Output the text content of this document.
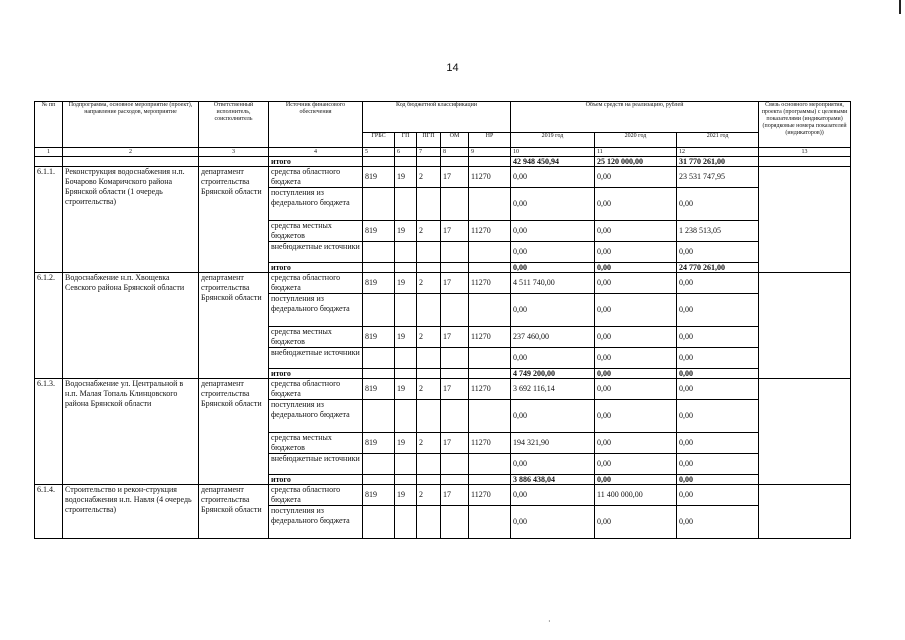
14
№ пп	Подпрограмма, основное мероприятие (проект), направление расходов, мероприятие	Ответственный исполнитель, соисполнитель	Источник финансового обеспечения	Код бюджетной классификации					Объем средств на реализацию, рублей			Связь основного мероприятия, проекта (программы) с целевыми показателями (индикаторами) (порядковые номера показателей (индикаторов))
				ГРБС	ГП	ПГП	ОМ	НР	2019 год	2020 год	2021 год	
1	2	3	4	5	6	7	8	9	10	11	12	13
			итого						42 948 450,94	25 120 000,00	31 770 261,00	
6.1.1.	Реконструкция водоснабжения н.п. Бочарово Комаричского района Брянской области (1 очередь строительства)	департамент строительства Брянской области	средства областного бюджета	819	19	2	17	11270	0,00	0,00	23 531 747,95	
			поступления из федерального бюджета						0,00	0,00	0,00	
			средства местных бюджетов	819	19	2	17	11270	0,00	0,00	1 238 513,05	
			внебюджетные источники						0,00	0,00	0,00	
			итого						0,00	0,00	24 770 261,00	
6.1.2.	Водоснабжение н.п. Хвощевка Севского района Брянской области	департамент строительства Брянской области	средства областного бюджета	819	19	2	17	11270	4 511 740,00	0,00	0,00	
			поступления из федерального бюджета						0,00	0,00	0,00	
			средства местных бюджетов	819	19	2	17	11270	237 460,00	0,00	0,00	
			внебюджетные источники						0,00	0,00	0,00	
			итого						4 749 200,00	0,00	0,00	
6.1.3.	Водоснабжение ул. Центральной в н.п. Малая Топаль Клинцовского района Брянской области	департамент строительства Брянской области	средства областного бюджета	819	19	2	17	11270	3 692 116,14	0,00	0,00	
			поступления из федерального бюджета						0,00	0,00	0,00	
			средства местных бюджетов	819	19	2	17	11270	194 321,90	0,00	0,00	
			внебюджетные источники						0,00	0,00	0,00	
			итого						3 886 438,04	0,00	0,00	
6.1.4.	Строительство и рекон-струкция водоснабжения н.п. Навля (4 очередь строительства)	департамент строительства Брянской области	средства областного бюджета	819	19	2	17	11270	0,00	11 400 000,00	0,00	
			поступления из федерального бюджета						0,00	0,00	0,00	
·
